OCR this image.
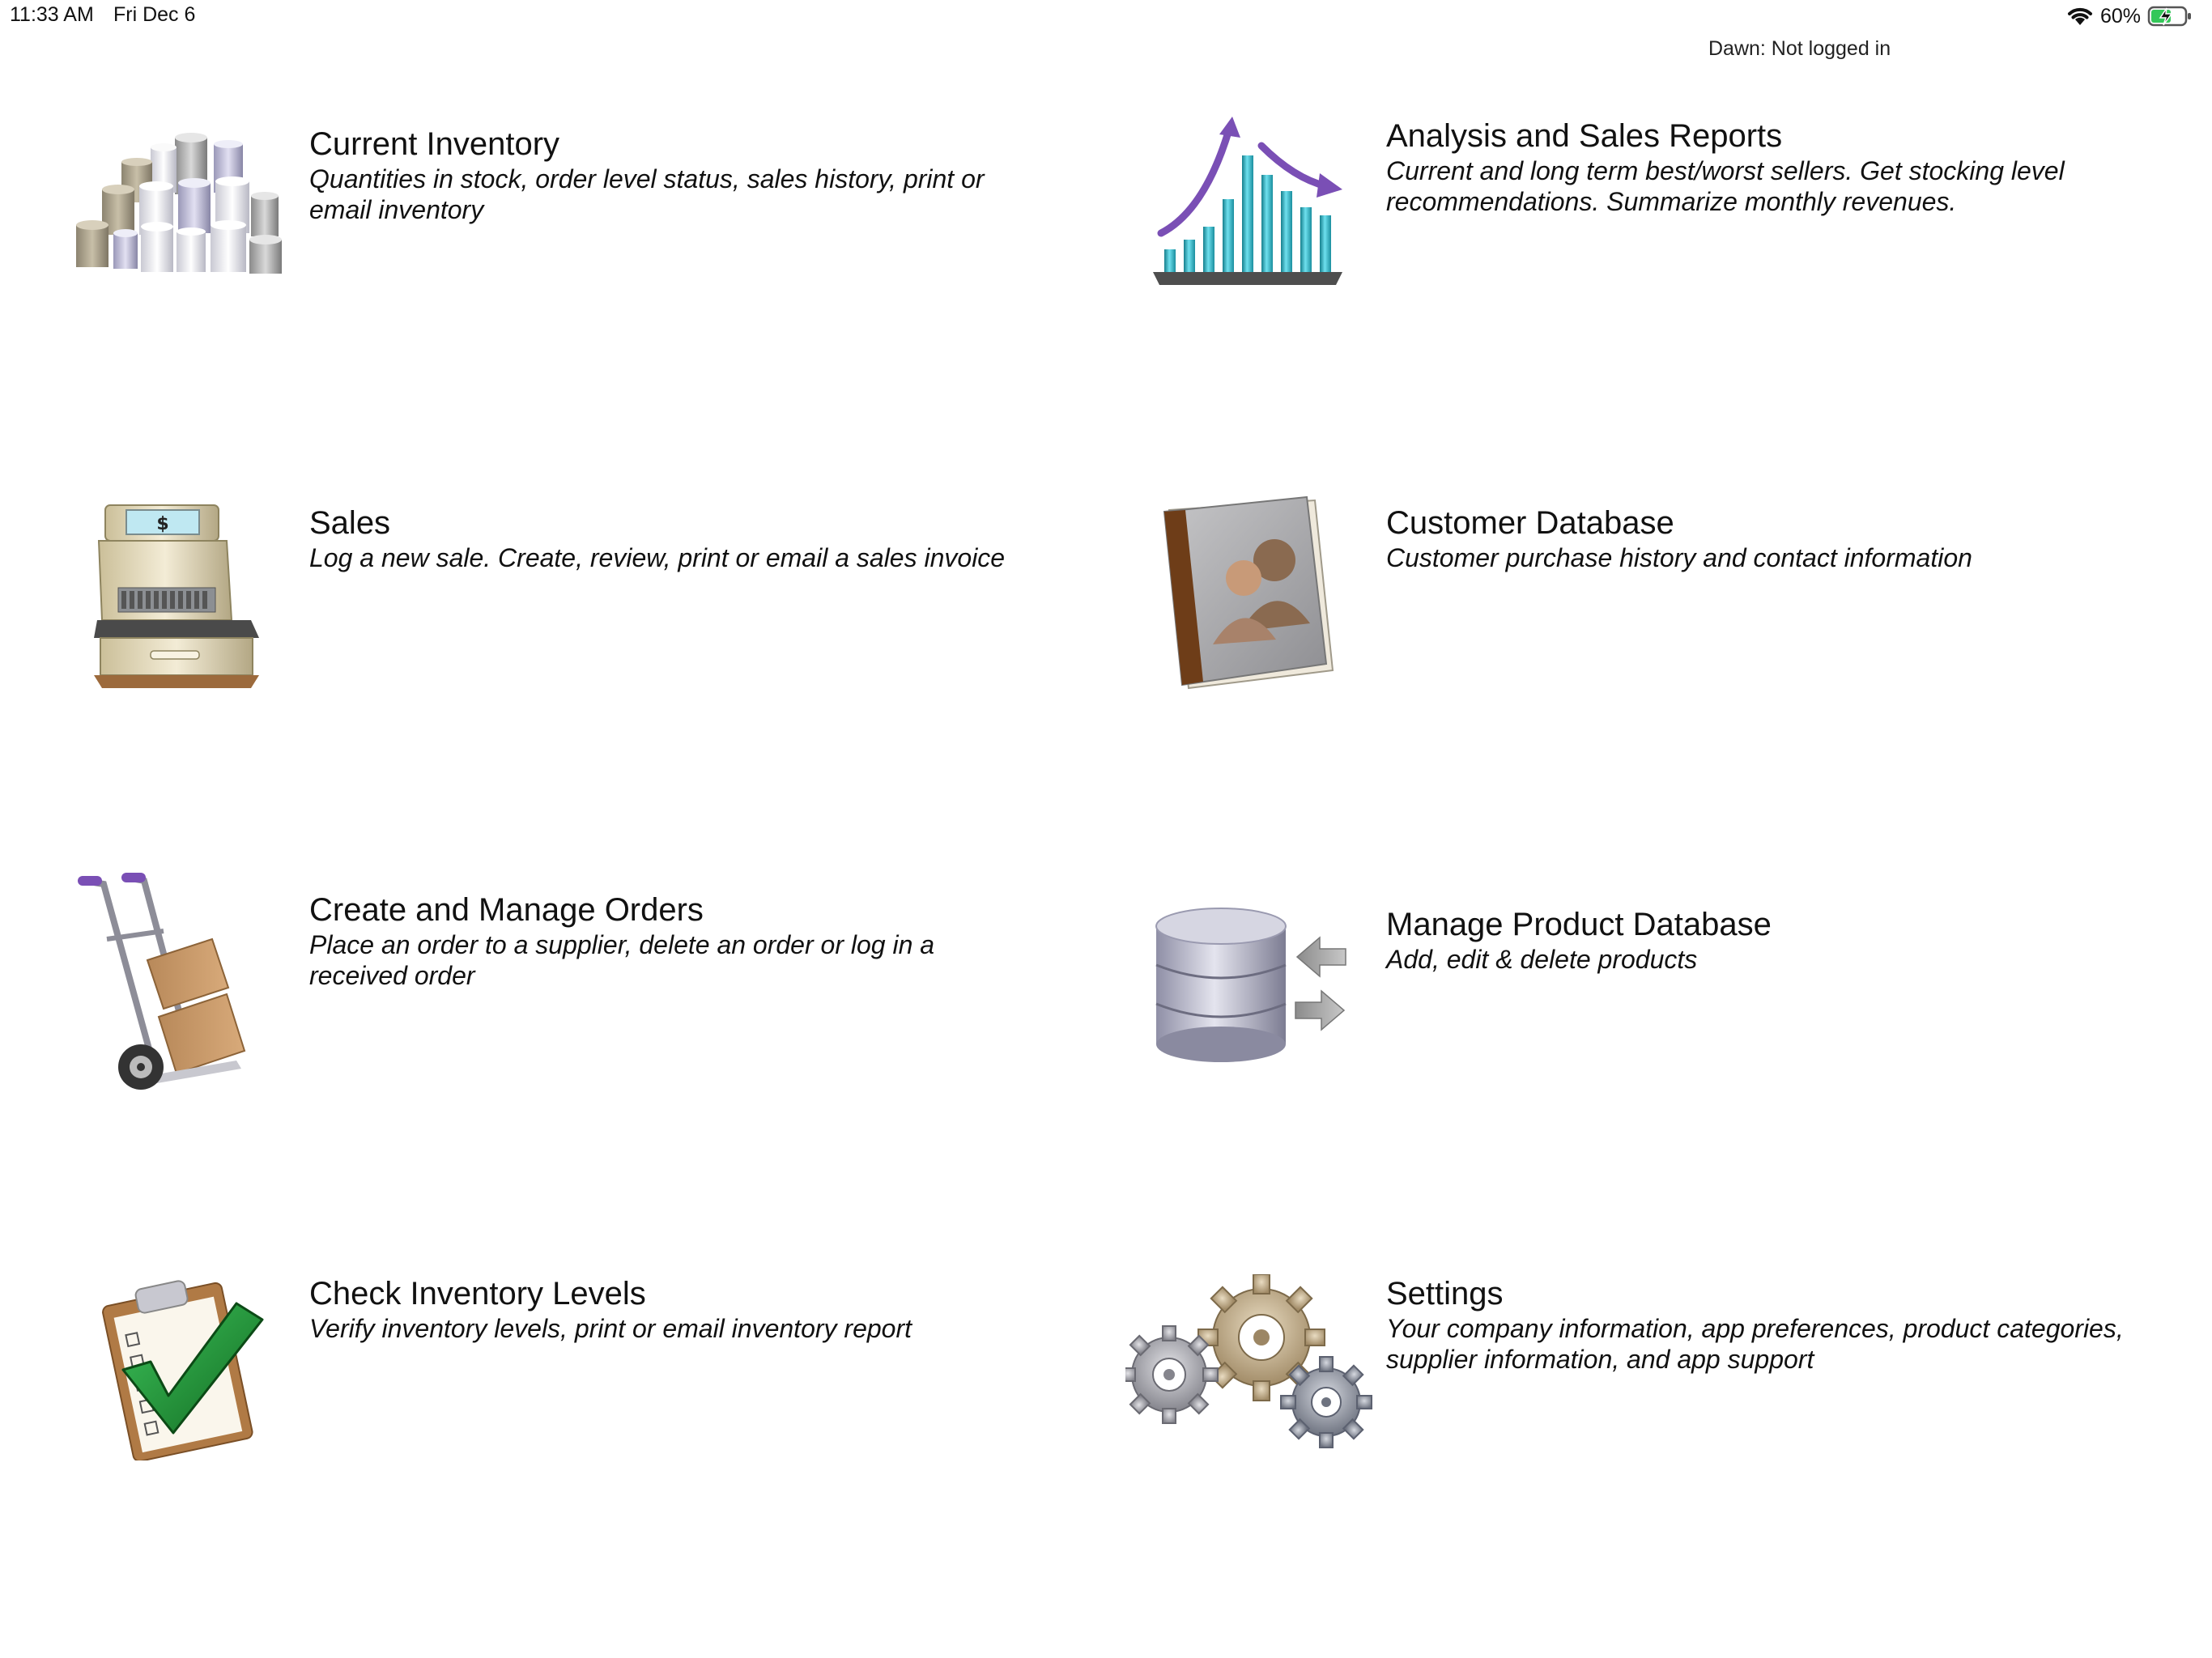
11:33 AM Fri Dec 6	60%
Dawn: Not logged in
Current Inventory
Quantities in stock, order level status, sales history, print or email inventory
$	Sales
Log a new sale. Create, review, print or email a sales invoice
Create and Manage Orders
Place an order to a supplier, delete an order or log in a received order
Check Inventory Levels
Verify inventory levels, print or email inventory report
Analysis and Sales Reports
Current and long term best/worst sellers. Get stocking level recommendations. Summarize monthly revenues.
Customer Database
Customer purchase history and contact information
Manage Product Database
Add, edit & delete products
Settings
Your company information, app preferences, product categories, supplier information, and app support
